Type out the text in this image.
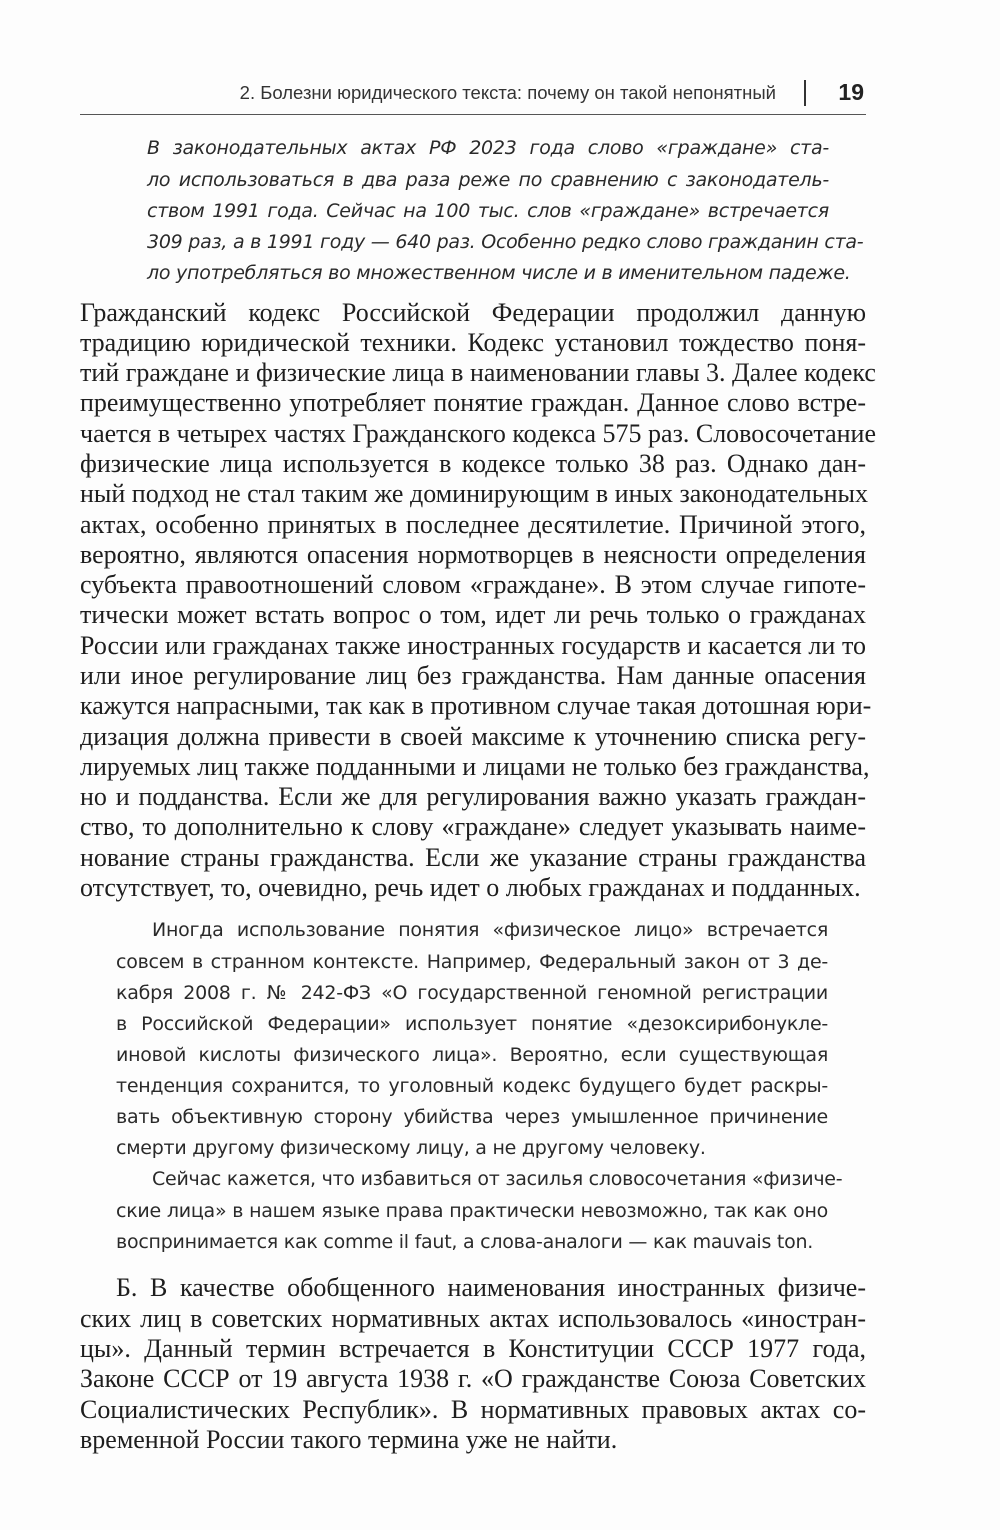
2. Болезни юридического текста: почему он такой непонятный	19
В законодательных актах РФ 2023 года слово «граждане» ста-
ло использоваться в два раза реже по сравнению с законодатель-
ством 1991 года. Сейчас на 100 тыс. слов «граждане» встречается
309 раз, а в 1991 году — 640 раз. Особенно редко слово гражданин ста-
ло употребляться во множественном числе и в именительном падеже.
Гражданский кодекс Российской Федерации продолжил данную
традицию юридической техники. Кодекс установил тождество поня-
тий граждане и физические лица в наименовании главы 3. Далее кодекс
преимущественно употребляет понятие граждан. Данное слово встре-
чается в четырех частях Гражданского кодекса 575 раз. Словосочетание
физические лица используется в кодексе только 38 раз. Однако дан-
ный подход не стал таким же доминирующим в иных законодательных
актах, особенно принятых в последнее десятилетие. Причиной этого,
вероятно, являются опасения нормотворцев в неясности определения
субъекта правоотношений словом «граждане». В этом случае гипоте-
тически может встать вопрос о том, идет ли речь только о гражданах
России или гражданах также иностранных государств и касается ли то
или иное регулирование лиц без гражданства. Нам данные опасения
кажутся напрасными, так как в противном случае такая дотошная юри-
дизация должна привести в своей максиме к уточнению списка регу-
лируемых лиц также подданными и лицами не только без гражданства,
но и подданства. Если же для регулирования важно указать граждан-
ство, то дополнительно к слову «граждане» следует указывать наиме-
нование страны гражданства. Если же указание страны гражданства
отсутствует, то, очевидно, речь идет о любых гражданах и подданных.
Иногда использование понятия «физическое лицо» встречается
совсем в странном контексте. Например, Федеральный закон от 3 де-
кабря 2008 г. № 242-ФЗ «О государственной геномной регистрации
в Российской Федерации» использует понятие «дезоксирибонукле-
иновой кислоты физического лица». Вероятно, если существующая
тенденция сохранится, то уголовный кодекс будущего будет раскры-
вать объективную сторону убийства через умышленное причинение
смерти другому физическому лицу, а не другому человеку.
Сейчас кажется, что избавиться от засилья словосочетания «физиче-
ские лица» в нашем языке права практически невозможно, так как оно
воспринимается как comme il faut, а слова-аналоги — как mauvais ton.
Б. В качестве обобщенного наименования иностранных физиче-
ских лиц в советских нормативных актах использовалось «иностран-
цы». Данный термин встречается в Конституции СССР 1977 года,
Законе СССР от 19 августа 1938 г. «О гражданстве Союза Советских
Социалистических Республик». В нормативных правовых актах со-
временной России такого термина уже не найти.
